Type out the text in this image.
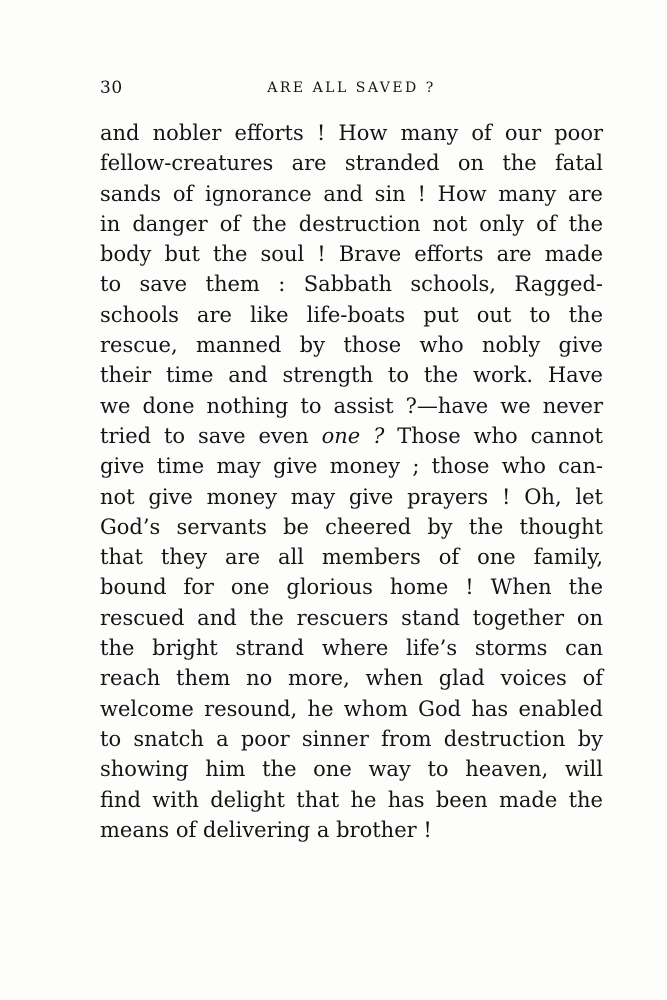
30	ARE ALL SAVED ?
and nobler efforts ! How many of our poor
fellow-creatures are stranded on the fatal
sands of ignorance and sin ! How many are
in danger of the destruction not only of the
body but the soul ! Brave efforts are made
to save them : Sabbath schools, Ragged-
schools are like life-boats put out to the
rescue, manned by those who nobly give
their time and strength to the work. Have
we done nothing to assist ?—have we never
tried to save even one ? Those who cannot
give time may give money ; those who can-
not give money may give prayers ! Oh, let
God’s servants be cheered by the thought
that they are all members of one family,
bound for one glorious home ! When the
rescued and the rescuers stand together on
the bright strand where life’s storms can
reach them no more, when glad voices of
welcome resound, he whom God has enabled
to snatch a poor sinner from destruction by
showing him the one way to heaven, will
find with delight that he has been made the
means of delivering a brother !
